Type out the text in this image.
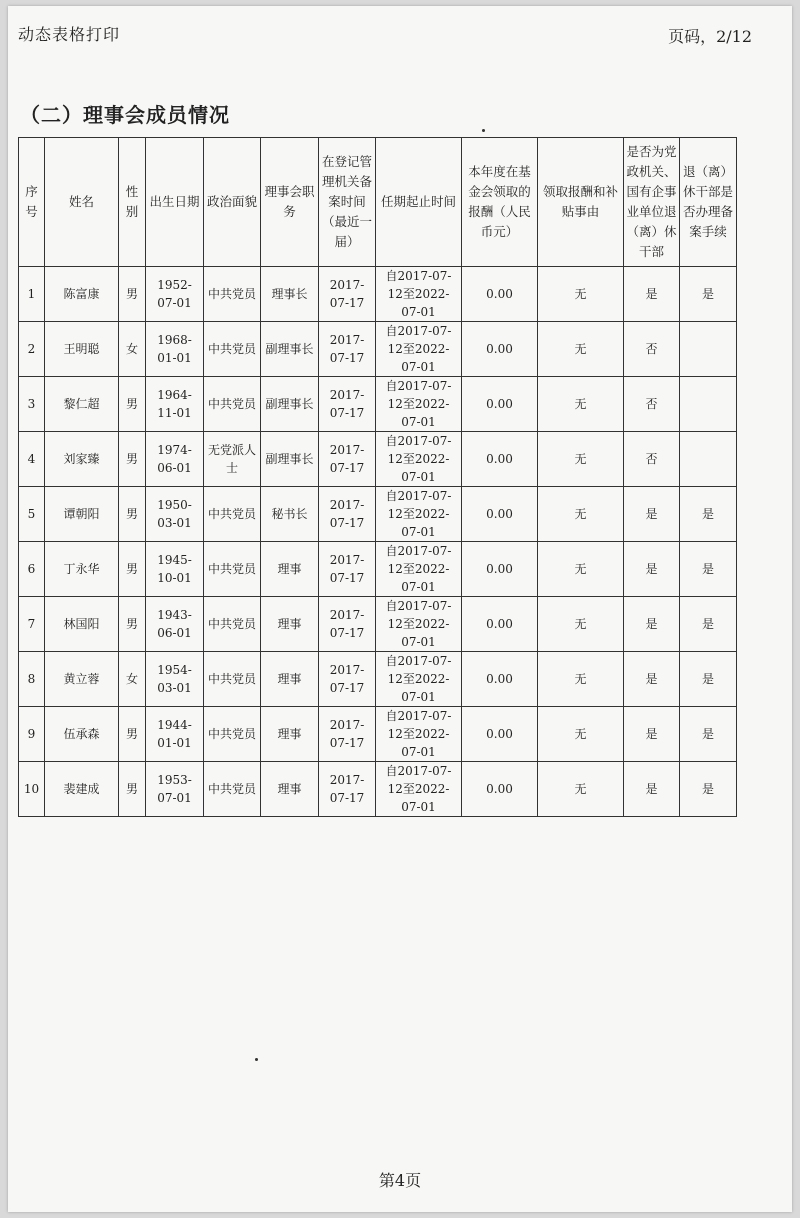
动态表格打印	页码，2/12
（二）理事会成员情况
序号	姓名	性别	出生日期	政治面貌	理事会职务	在登记管理机关备案时间（最近一届）	任期起止时间	本年度在基金会领取的报酬（人民币元）	领取报酬和补贴事由	是否为党政机关、国有企事业单位退（离）休干部	退（离）休干部是否办理备案手续
1	陈富康	男	1952-07-01	中共党员	理事长	2017-07-17	自2017-07-12至2022-07-01	0.00	无	是	是
2	王明聪	女	1968-01-01	中共党员	副理事长	2017-07-17	自2017-07-12至2022-07-01	0.00	无	否	
3	黎仁超	男	1964-11-01	中共党员	副理事长	2017-07-17	自2017-07-12至2022-07-01	0.00	无	否	
4	刘家臻	男	1974-06-01	无党派人士	副理事长	2017-07-17	自2017-07-12至2022-07-01	0.00	无	否	
5	谭朝阳	男	1950-03-01	中共党员	秘书长	2017-07-17	自2017-07-12至2022-07-01	0.00	无	是	是
6	丁永华	男	1945-10-01	中共党员	理事	2017-07-17	自2017-07-12至2022-07-01	0.00	无	是	是
7	林国阳	男	1943-06-01	中共党员	理事	2017-07-17	自2017-07-12至2022-07-01	0.00	无	是	是
8	黄立蓉	女	1954-03-01	中共党员	理事	2017-07-17	自2017-07-12至2022-07-01	0.00	无	是	是
9	伍承森	男	1944-01-01	中共党员	理事	2017-07-17	自2017-07-12至2022-07-01	0.00	无	是	是
10	裴建成	男	1953-07-01	中共党员	理事	2017-07-17	自2017-07-12至2022-07-01	0.00	无	是	是
第4页
